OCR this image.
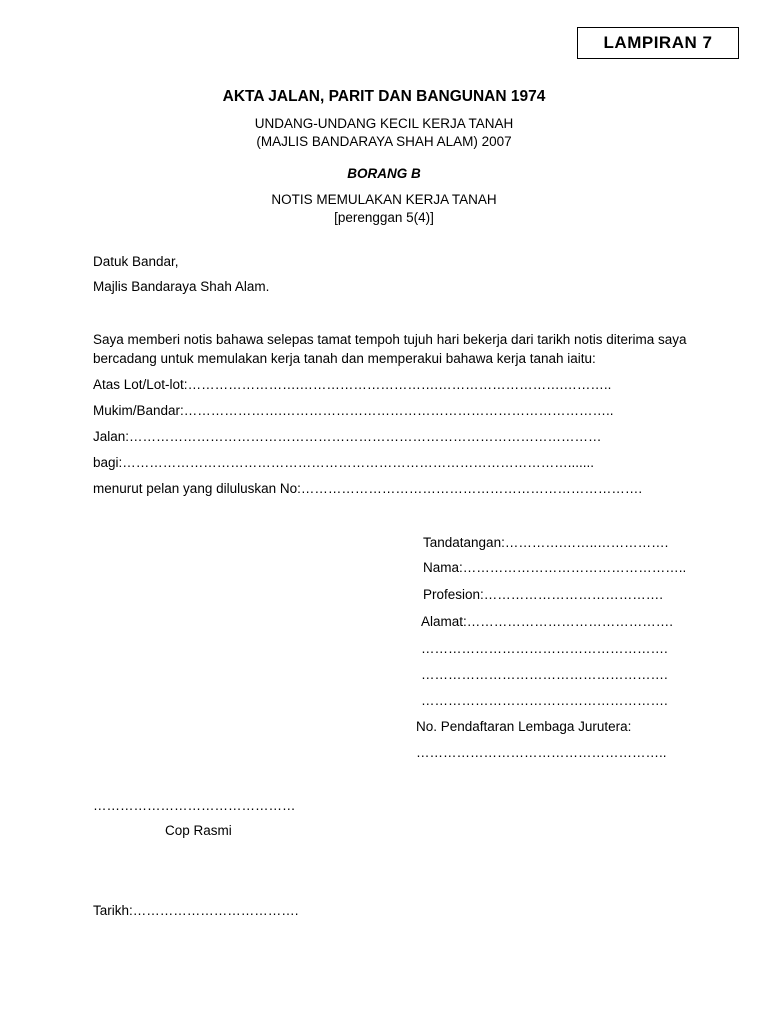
LAMPIRAN 7
AKTA JALAN, PARIT DAN BANGUNAN 1974
UNDANG-UNDANG KECIL KERJA TANAH
(MAJLIS BANDARAYA SHAH ALAM) 2007
BORANG B
NOTIS MEMULAKAN KERJA TANAH
[perenggan 5(4)]
Datuk Bandar,
Majlis Bandaraya Shah Alam.
Saya memberi notis bahawa selepas tamat tempoh tujuh hari bekerja dari tarikh notis diterima saya bercadang untuk memulakan kerja tanah dan memperakui bahawa kerja tanah iaitu:
Atas Lot/Lot-lot:…………………….………………………….……………………….………..
Mukim/Bandar:………………….………………………………………………………………..
Jalan:……………………………………………………………………………………………
bagi:……………………………………………………………………………………….......
menurut pelan yang diluluskan No:………………………………………………………………….
Tandatangan:………….……..…………….
Nama:…………………………………………..
Profesion:………………………………….
Alamat:……………………………………….
……………………………………………….
……………………………………………….
……………………………………………….
No. Pendaftaran Lembaga Jurutera:
………………………………………………..
………………………………………
Cop Rasmi
Tarikh:……………………………….
